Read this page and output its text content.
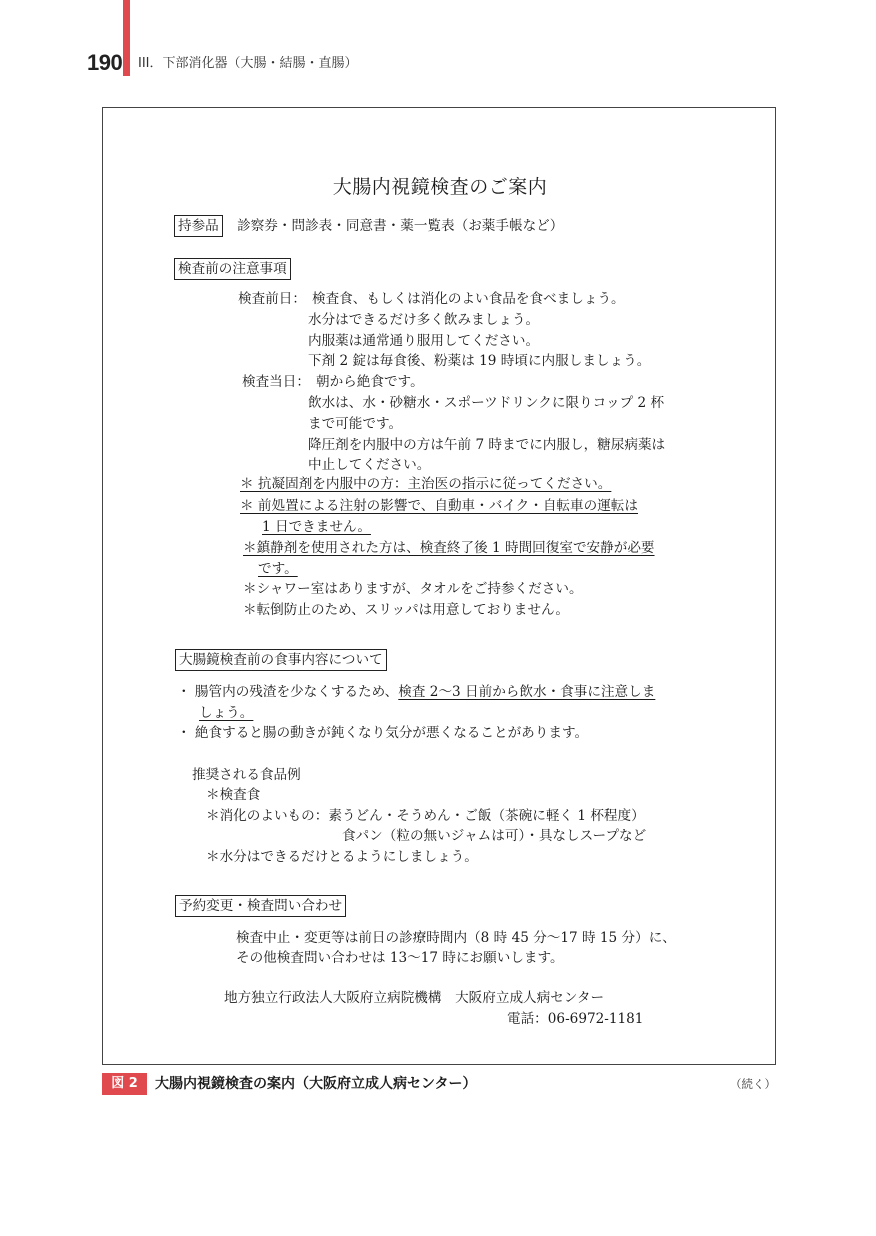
190 III．下部消化器（大腸・結腸・直腸）
大腸内視鏡検査のご案内
持参品 診察券・問診表・同意書・薬一覧表（お薬手帳など）
検査前の注意事項
検査前日： 検査食、もしくは消化のよい食品を食べましょう。
水分はできるだけ多く飲みましょう。
内服薬は通常通り服用してください。
下剤 2 錠は毎食後、粉薬は 19 時頃に内服しましょう。
検査当日： 朝から絶食です。
飲水は、水・砂糖水・スポーツドリンクに限りコップ 2 杯
まで可能です。
降圧剤を内服中の方は午前 7 時までに内服し，糖尿病薬は
中止してください。
＊ 抗凝固剤を内服中の方：主治医の指示に従ってください。
＊ 前処置による注射の影響で、自動車・バイク・自転車の運転は
1 日できません。
＊鎮静剤を使用された方は、検査終了後 1 時間回復室で安静が必要
です。
＊シャワー室はありますが、タオルをご持参ください。
＊転倒防止のため、スリッパは用意しておりません。
大腸鏡検査前の食事内容について
・ 腸管内の残渣を少なくするため、検査 2〜3 日前から飲水・食事に注意しま
しょう。
・ 絶食すると腸の動きが鈍くなり気分が悪くなることがあります。
推奨される食品例
＊検査食
＊消化のよいもの：素うどん・そうめん・ご飯（茶碗に軽く 1 杯程度）
食パン（粒の無いジャムは可）・具なしスープなど
＊水分はできるだけとるようにしましょう。
予約変更・検査問い合わせ
検査中止・変更等は前日の診療時間内（8 時 45 分〜17 時 15 分）に、
その他検査問い合わせは 13〜17 時にお願いします。
地方独立行政法人大阪府立病院機構　大阪府立成人病センター
電話：06-6972-1181
図 2	大腸内視鏡検査の案内（大阪府立成人病センター）	（続く）
